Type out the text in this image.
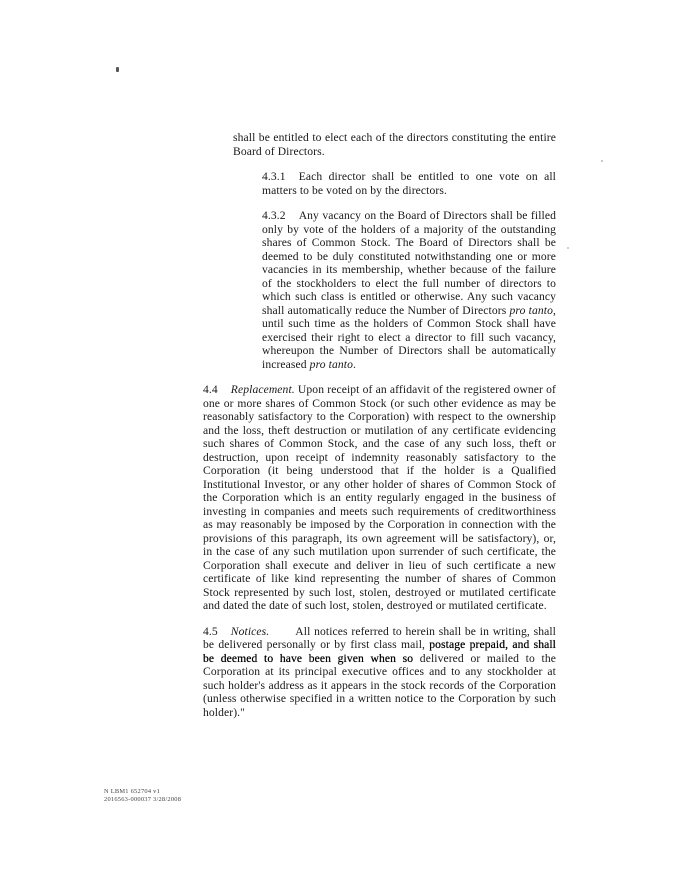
shall be entitled to elect each of the directors constituting the entire Board of Directors.

4.3.1 Each director shall be entitled to one vote on all matters to be voted on by the directors.

4.3.2 Any vacancy on the Board of Directors shall be filled only by vote of the holders of a majority of the outstanding shares of Common Stock. The Board of Directors shall be deemed to be duly constituted notwithstanding one or more vacancies in its membership, whether because of the failure of the stockholders to elect the full number of directors to which such class is entitled or otherwise. Any such vacancy shall automatically reduce the Number of Directors pro tanto, until such time as the holders of Common Stock shall have exercised their right to elect a director to fill such vacancy, whereupon the Number of Directors shall be automatically increased pro tanto.

4.4 Replacement. Upon receipt of an affidavit of the registered owner of one or more shares of Common Stock (or such other evidence as may be reasonably satisfactory to the Corporation) with respect to the ownership and the loss, theft destruction or mutilation of any certificate evidencing such shares of Common Stock, and the case of any such loss, theft or destruction, upon receipt of indemnity reasonably satisfactory to the Corporation (it being understood that if the holder is a Qualified Institutional Investor, or any other holder of shares of Common Stock of the Corporation which is an entity regularly engaged in the business of investing in companies and meets such requirements of creditworthiness as may reasonably be imposed by the Corporation in connection with the provisions of this paragraph, its own agreement will be satisfactory), or, in the case of any such mutilation upon surrender of such certificate, the Corporation shall execute and deliver in lieu of such certificate a new certificate of like kind representing the number of shares of Common Stock represented by such lost, stolen, destroyed or mutilated certificate and dated the date of such lost, stolen, destroyed or mutilated certificate.

4.5 Notices. All notices referred to herein shall be in writing, shall be delivered personally or by first class mail, postage prepaid, and shall be deemed to have been given when so delivered or mailed to the Corporation at its principal executive offices and to any stockholder at such holder's address as it appears in the stock records of the Corporation (unless otherwise specified in a written notice to the Corporation by such holder)."

N LBM1 652704 v1
2016563-000037 3/28/2008
